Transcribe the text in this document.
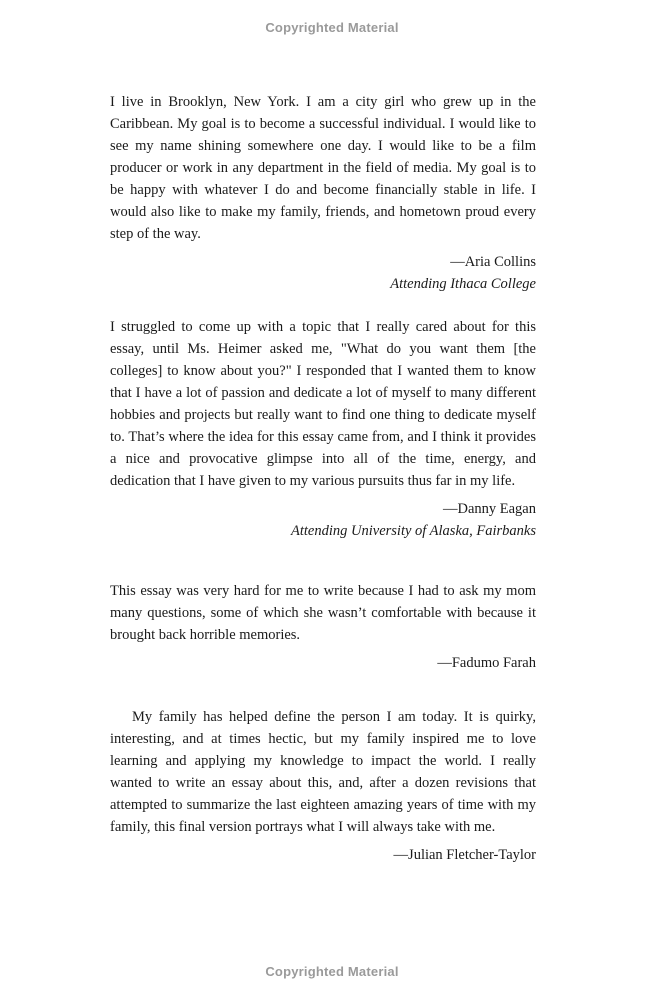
Copyrighted Material

I live in Brooklyn, New York. I am a city girl who grew up in the Caribbean. My goal is to become a successful individual. I would like to see my name shining somewhere one day. I would like to be a film producer or work in any department in the field of media. My goal is to be happy with whatever I do and become financially stable in life. I would also like to make my family, friends, and hometown proud every step of the way.

—Aria Collins
Attending Ithaca College

I struggled to come up with a topic that I really cared about for this essay, until Ms. Heimer asked me, "What do you want them [the colleges] to know about you?" I responded that I wanted them to know that I have a lot of passion and dedicate a lot of myself to many different hobbies and projects but really want to find one thing to dedicate myself to. That’s where the idea for this essay came from, and I think it provides a nice and provocative glimpse into all of the time, energy, and dedication that I have given to my various pursuits thus far in my life.

—Danny Eagan
Attending University of Alaska, Fairbanks

This essay was very hard for me to write because I had to ask my mom many questions, some of which she wasn’t comfortable with because it brought back horrible memories.

—Fadumo Farah

My family has helped define the person I am today. It is quirky, interesting, and at times hectic, but my family inspired me to love learning and applying my knowledge to impact the world. I really wanted to write an essay about this, and, after a dozen revisions that attempted to summarize the last eighteen amazing years of time with my family, this final version portrays what I will always take with me.

—Julian Fletcher-Taylor
Copyrighted Material
